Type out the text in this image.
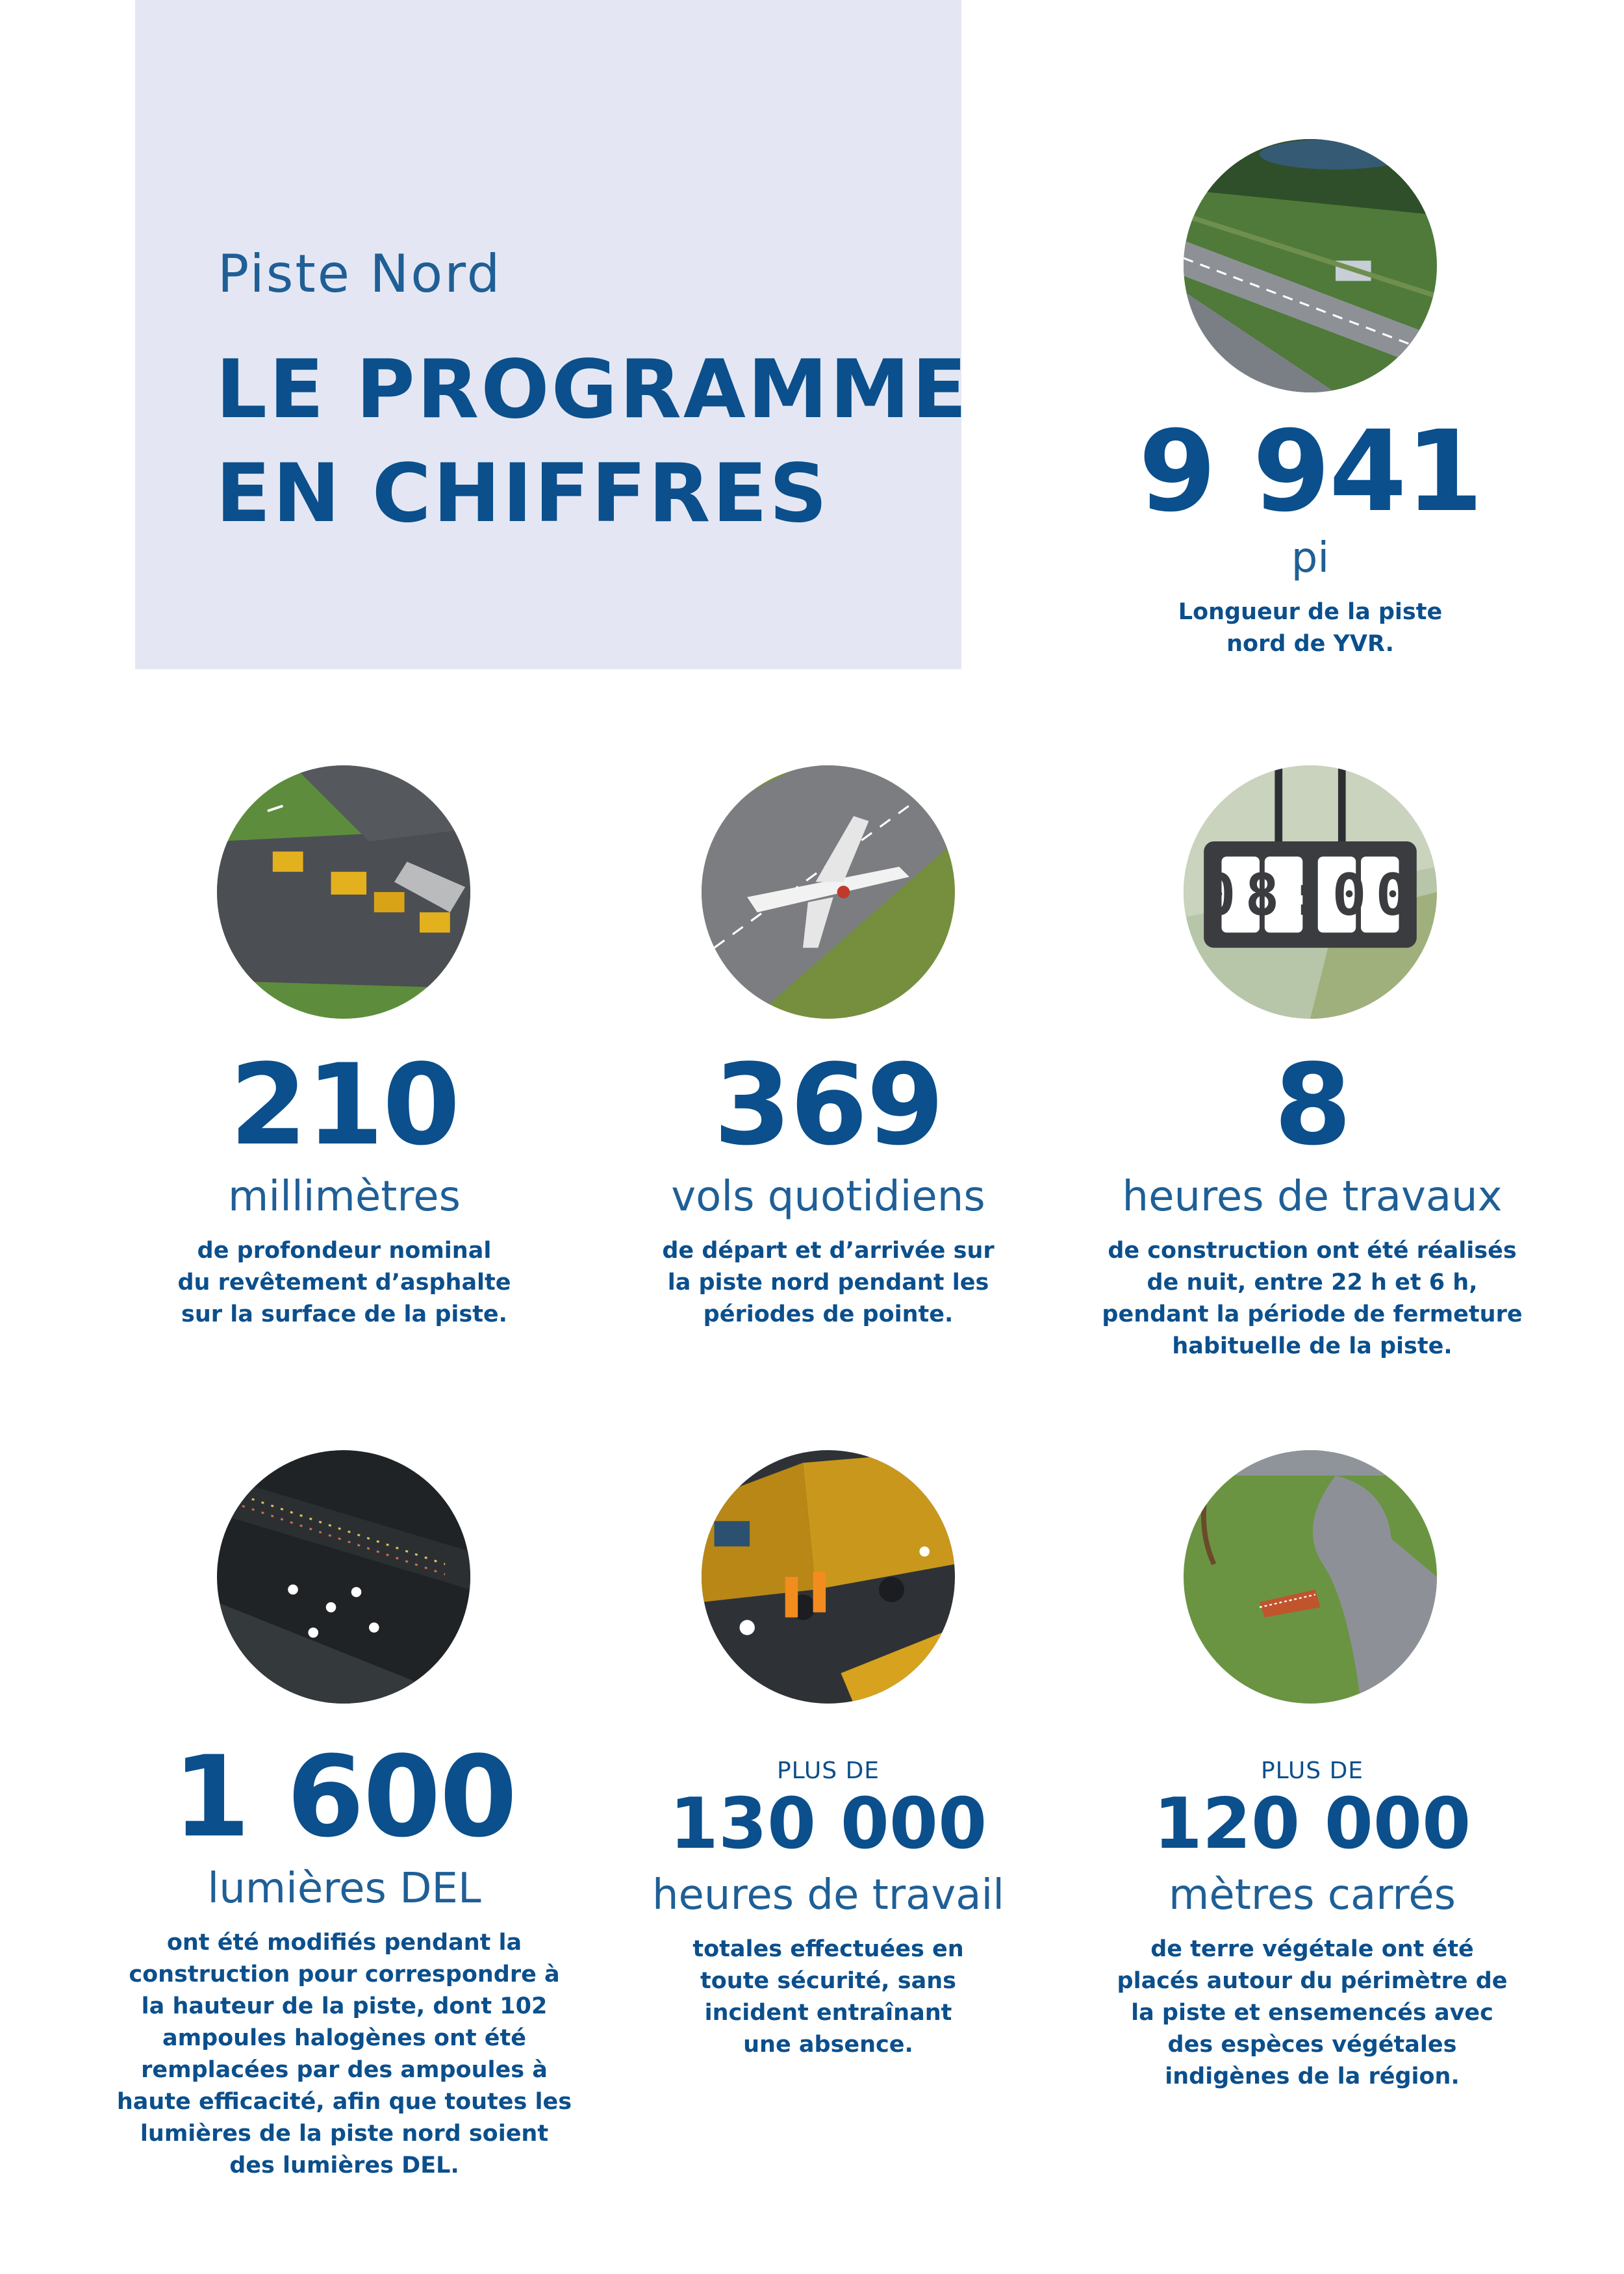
Piste Nord
LE PROGRAMME
EN CHIFFRES	9 941
pi
Longueur de la piste
nord de YVR.
210
millimètres
de profondeur nominal
du revêtement d’asphalte
sur la surface de la piste.
369
vols quotidiens
de départ et d’arrivée sur
la piste nord pendant les
périodes de pointe.
08:00
8
heures de travaux
de construction ont été réalisés
de nuit, entre 22 h et 6 h,
pendant la période de fermeture
habituelle de la piste.
1 600
lumières DEL
ont été modifiés pendant la
construction pour correspondre à
la hauteur de la piste, dont 102
ampoules halogènes ont été
remplacées par des ampoules à
haute efficacité, afin que toutes les
lumières de la piste nord soient
des lumières DEL.
PLUS DE
130 000
heures de travail
totales effectuées en
toute sécurité, sans
incident entraînant
une absence.
PLUS DE
120 000
mètres carrés
de terre végétale ont été
placés autour du périmètre de
la piste et ensemencés avec
des espèces végétales
indigènes de la région.
